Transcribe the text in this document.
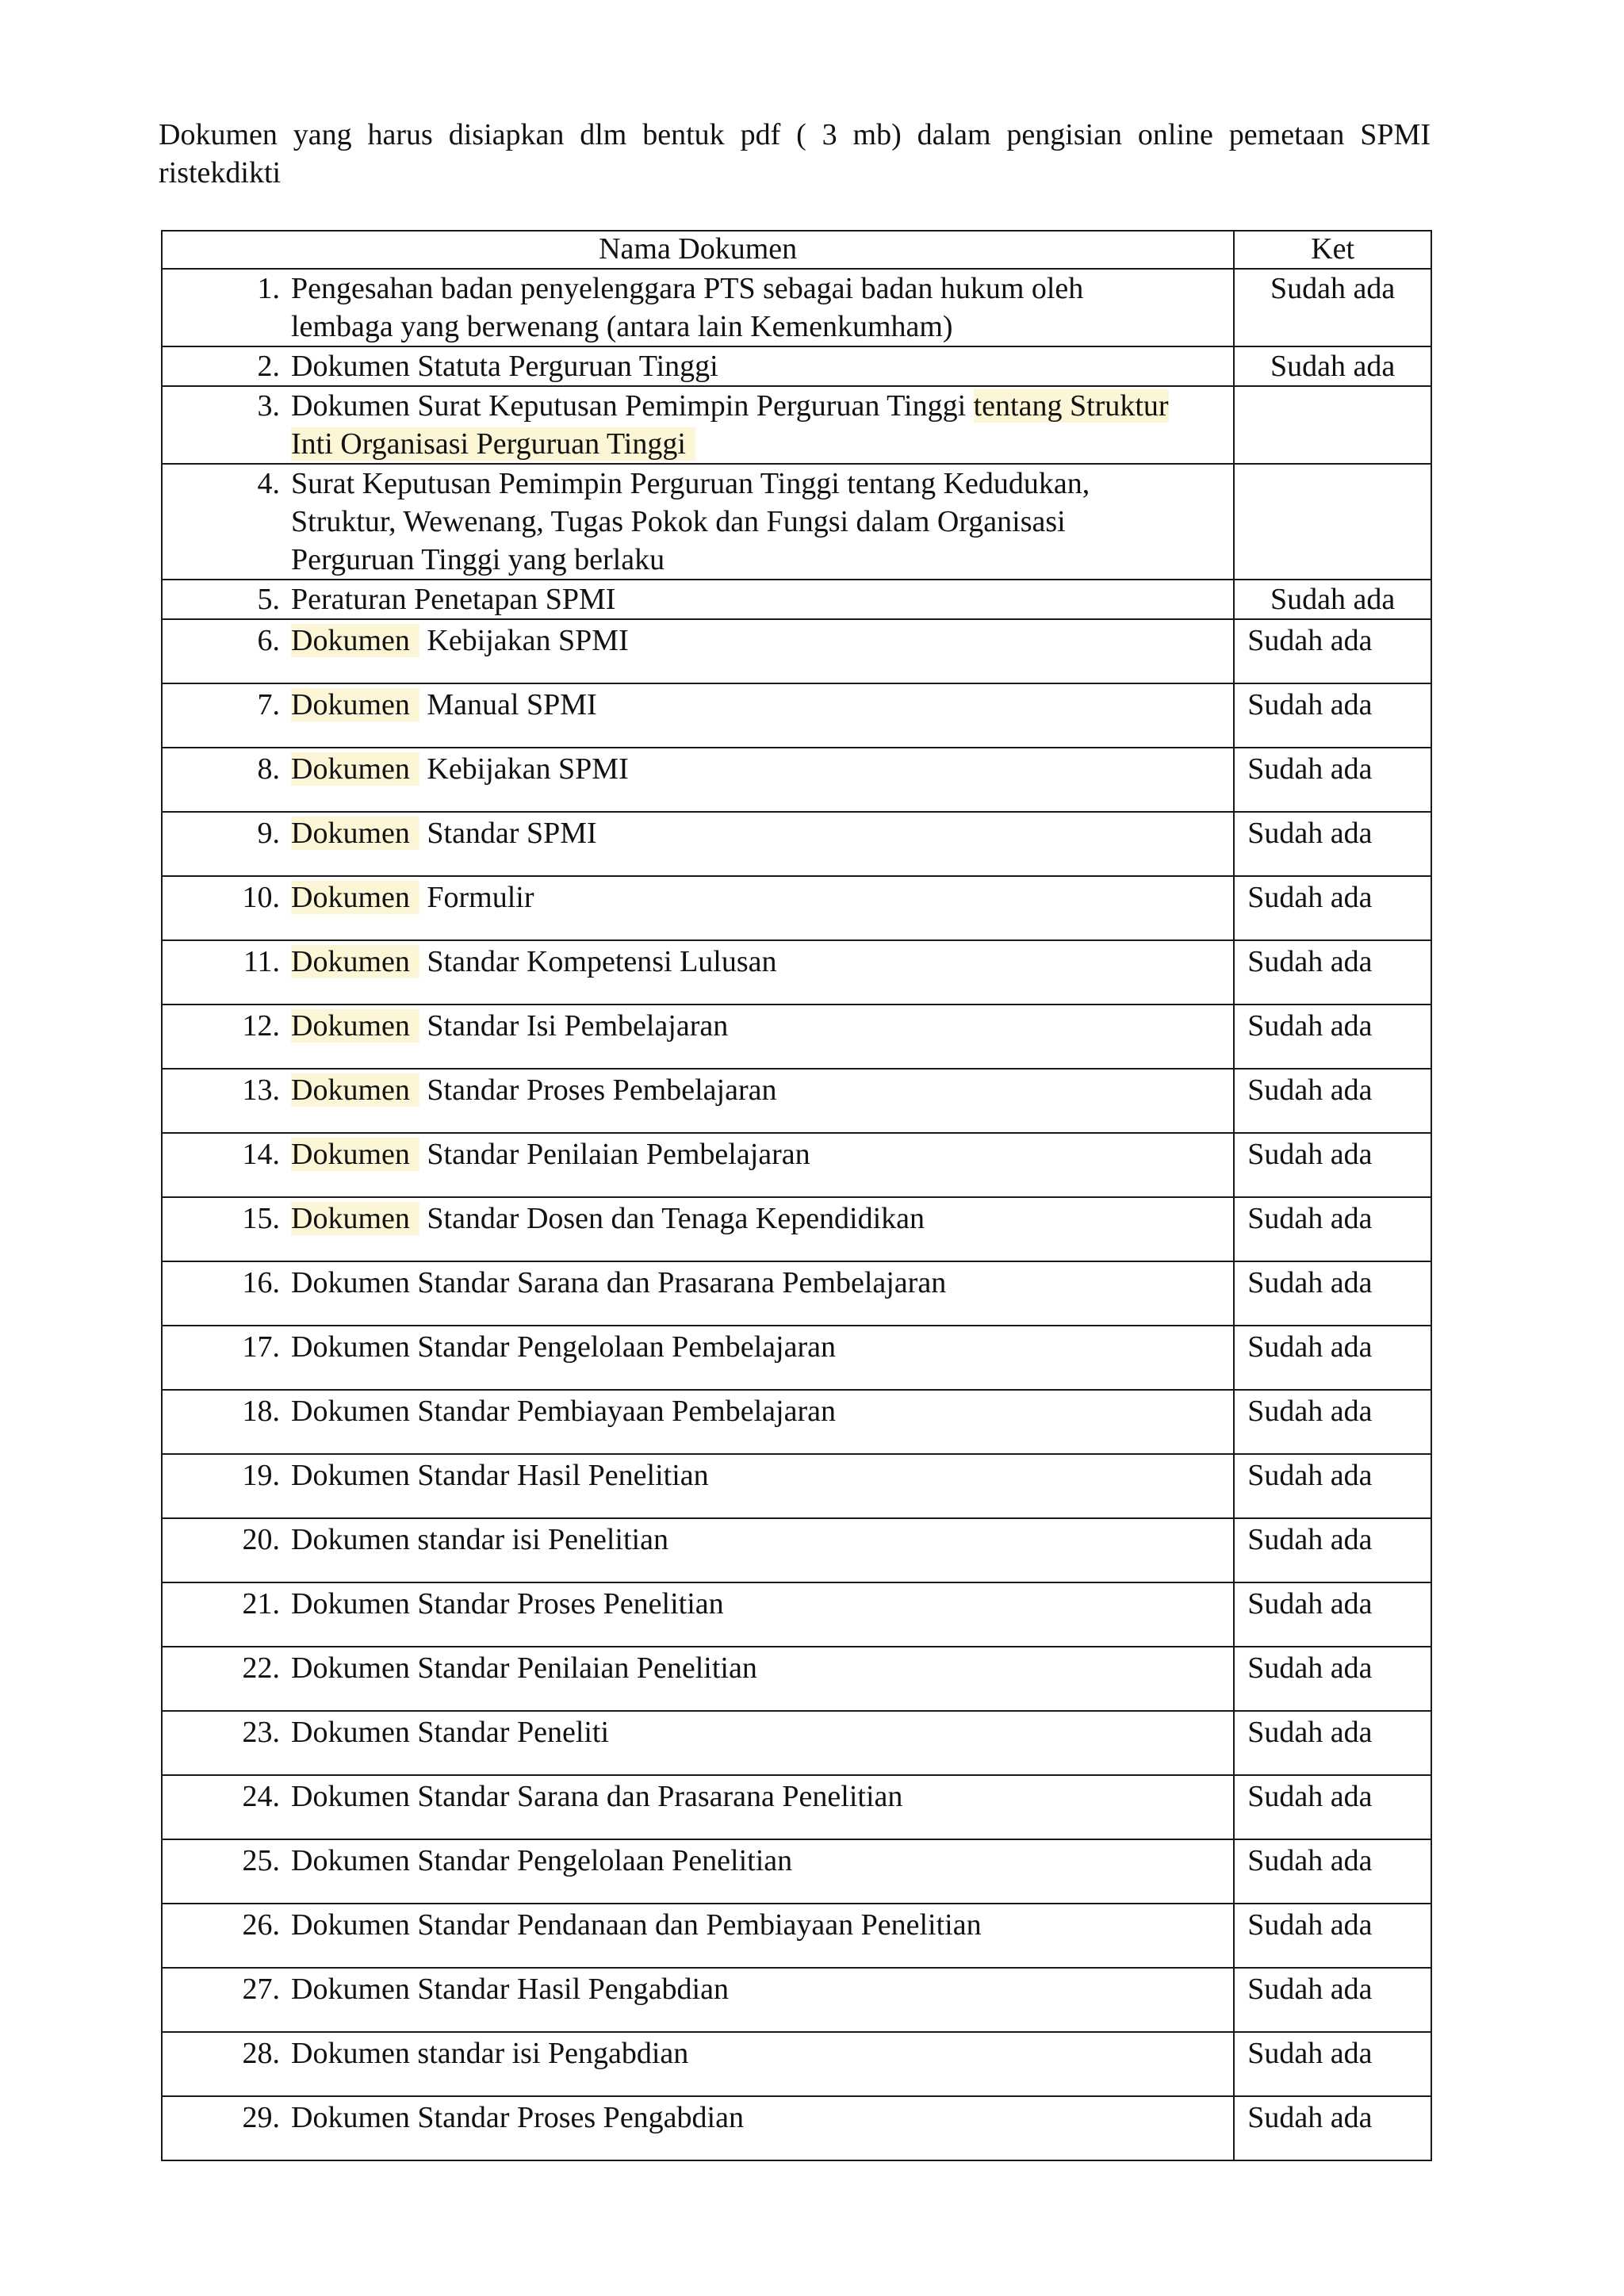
Dokumen yang harus disiapkan dlm bentuk pdf ( 3 mb) dalam pengisian online pemetaan SPMI
ristekdikti
Nama Dokumen	Ket

1. Pengesahan badan penyelenggara PTS sebagai badan hukum oleh lembaga yang berwenang (antara lain Kemenkumham)	Sudah ada

2. Dokumen Statuta Perguruan Tinggi	Sudah ada

3. Dokumen Surat Keputusan Pemimpin Perguruan Tinggi tentang Struktur Inti Organisasi Perguruan Tinggi	

4. Surat Keputusan Pemimpin Perguruan Tinggi tentang Kedudukan, Struktur, Wewenang, Tugas Pokok dan Fungsi dalam Organisasi Perguruan Tinggi yang berlaku	

5. Peraturan Penetapan SPMI	Sudah ada

6. Dokumen Kebijakan SPMI	Sudah ada

7. Dokumen Manual SPMI	Sudah ada

8. Dokumen Kebijakan SPMI	Sudah ada

9. Dokumen Standar SPMI	Sudah ada

10. Dokumen Formulir	Sudah ada

11. Dokumen Standar Kompetensi Lulusan	Sudah ada

12. Dokumen Standar Isi Pembelajaran	Sudah ada

13. Dokumen Standar Proses Pembelajaran	Sudah ada

14. Dokumen Standar Penilaian Pembelajaran	Sudah ada

15. Dokumen Standar Dosen dan Tenaga Kependidikan	Sudah ada

16. Dokumen Standar Sarana dan Prasarana Pembelajaran	Sudah ada

17. Dokumen Standar Pengelolaan Pembelajaran	Sudah ada

18. Dokumen Standar Pembiayaan Pembelajaran	Sudah ada

19. Dokumen Standar Hasil Penelitian	Sudah ada

20. Dokumen standar isi Penelitian	Sudah ada

21. Dokumen Standar Proses Penelitian	Sudah ada

22. Dokumen Standar Penilaian Penelitian	Sudah ada

23. Dokumen Standar Peneliti	Sudah ada

24. Dokumen Standar Sarana dan Prasarana Penelitian	Sudah ada

25. Dokumen Standar Pengelolaan Penelitian	Sudah ada

26. Dokumen Standar Pendanaan dan Pembiayaan Penelitian	Sudah ada

27. Dokumen Standar Hasil Pengabdian	Sudah ada

28. Dokumen standar isi Pengabdian	Sudah ada

29. Dokumen Standar Proses Pengabdian	Sudah ada
